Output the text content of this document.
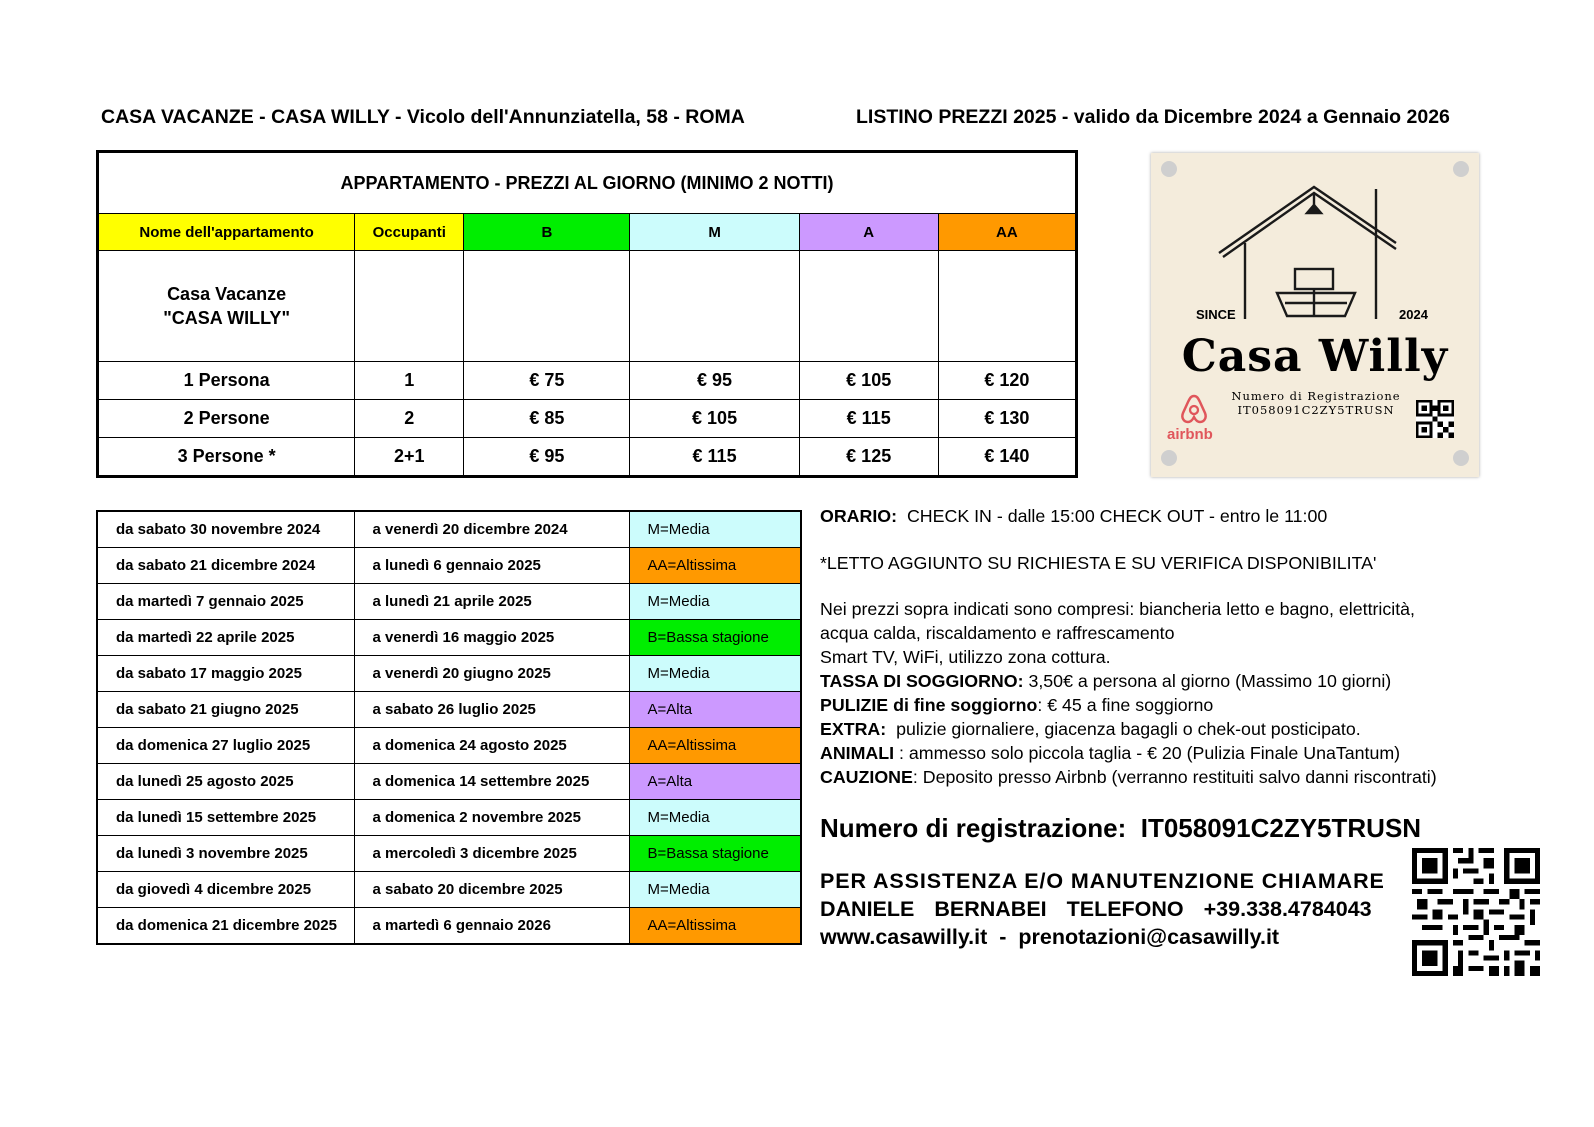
CASA VACANZE - CASA WILLY - Vicolo dell'Annunziatella, 58 - ROMA	LISTINO PREZZI 2025 - valido da Dicembre 2024 a Gennaio 2026
APPARTAMENTO - PREZZI AL GIORNO (MINIMO 2 NOTTI)					
Nome dell'appartamento	Occupanti	B	M	A	AA

Casa Vacanze
"CASA WILLY"					

1 Persona	1	€ 75	€ 95	€ 105	€ 120
2 Persone	2	€ 85	€ 105	€ 115	€ 130
3 Persone *	2+1	€ 95	€ 115	€ 125	€ 140
da sabato 30 novembre 2024	a venerdì 20 dicembre 2024	M=Media
da sabato 21 dicembre 2024	a lunedì 6 gennaio 2025	AA=Altissima
da martedì 7 gennaio 2025	a lunedì 21 aprile 2025	M=Media
da martedì 22 aprile 2025	a venerdì 16 maggio 2025	B=Bassa stagione
da sabato 17 maggio 2025	a venerdì 20 giugno 2025	M=Media
da sabato 21 giugno 2025	a sabato 26 luglio 2025	A=Alta
da domenica 27 luglio 2025	a domenica 24 agosto 2025	AA=Altissima
da lunedì 25 agosto 2025	a domenica 14 settembre 2025	A=Alta
da lunedì 15 settembre 2025	a domenica 2 novembre 2025	M=Media
da lunedì 3 novembre 2025	a mercoledì 3 dicembre 2025	B=Bassa stagione
da giovedì 4 dicembre 2025	a sabato 20 dicembre 2025	M=Media
da domenica 21 dicembre 2025	a martedì 6 gennaio 2026	AA=Altissima
SINCE	2024
Casa Willy
Numero di Registrazione
IT058091C2ZY5TRUSN
airbnb
ORARIO: CHECK IN - dalle 15:00 CHECK OUT - entro le 11:00
*LETTO AGGIUNTO SU RICHIESTA E SU VERIFICA DISPONIBILITA'
Nei prezzi sopra indicati sono compresi: biancheria letto e bagno, elettricità,
acqua calda, riscaldamento e raffrescamento
Smart TV, WiFi, utilizzo zona cottura.
TASSA DI SOGGIORNO: 3,50€ a persona al giorno (Massimo 10 giorni)
PULIZIE di fine soggiorno: € 45 a fine soggiorno
EXTRA: pulizie giornaliere, giacenza bagagli o chek-out posticipato.
ANIMALI : ammesso solo piccola taglia - € 20 (Pulizia Finale UnaTantum)
CAUZIONE: Deposito presso Airbnb (verranno restituiti salvo danni riscontrati)
Numero di registrazione: IT058091C2ZY5TRUSN
PER ASSISTENZA E/O MANUTENZIONE CHIAMARE
DANIELE BERNABEI TELEFONO +39.338.4784043
www.casawilly.it - prenotazioni@casawilly.it
